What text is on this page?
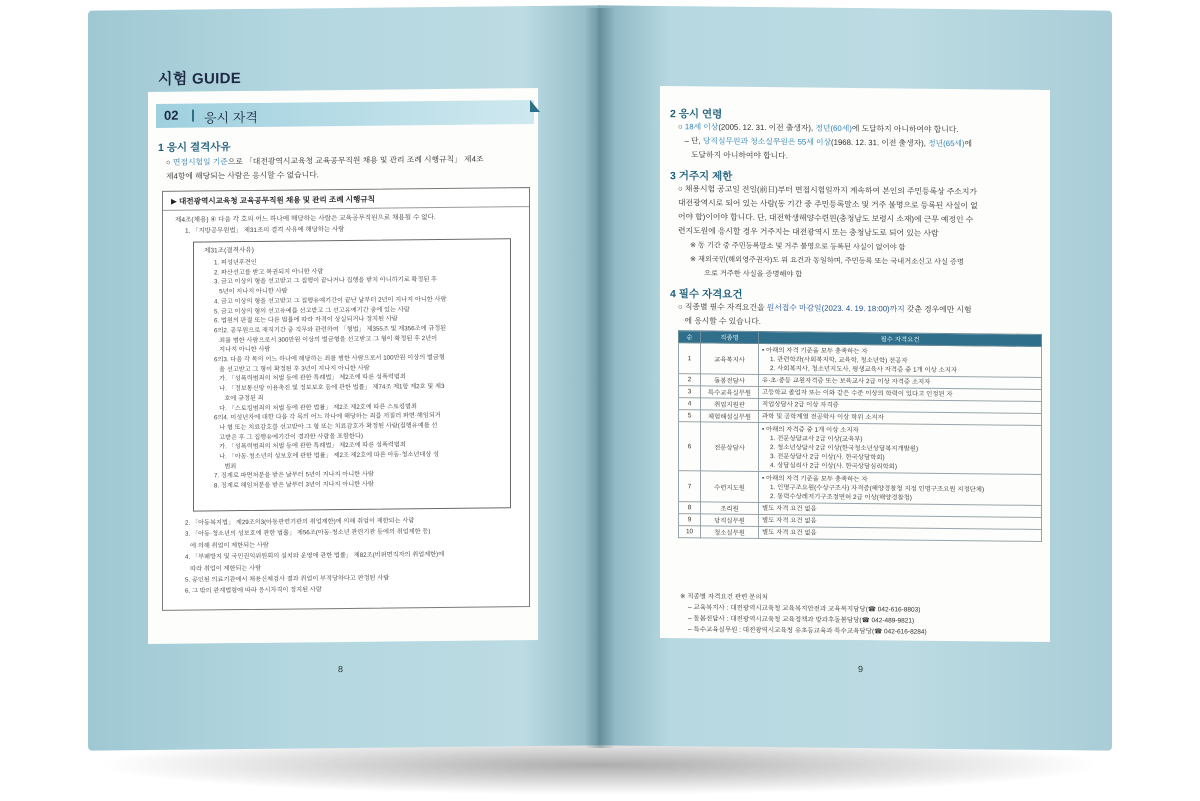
시험 GUIDE
02 응시 자격
1 응시 결격사유
○ 면접시험일 기준으로 「대전광역시교육청 교육공무직원 채용 및 관리 조례 시행규칙」 제4조
제4항에 해당되는 사람은 응시할 수 없습니다.
▶ 대전광역시교육청 교육공무직원 채용 및 관리 조례 시행규칙
제4조(채용) ④ 다음 각 호의 어느 하나에 해당하는 사람은 교육공무직원으로 채용될 수 없다.
1. 「지방공무원법」 제31조의 결격 사유에 해당하는 사람
제31조(결격사유)
1. 피성년후견인
2. 파산선고를 받고 복권되지 아니한 사람
3. 금고 이상의 형을 선고받고 그 집행이 끝나거나 집행을 받지 아니하기로 확정된 후
5년이 지나지 아니한 사람
4. 금고 이상의 형을 선고받고 그 집행유예기간이 끝난 날부터 2년이 지나지 아니한 사람
5. 금고 이상의 형의 선고유예를 선고받고 그 선고유예기간 중에 있는 사람
6. 법원의 판결 또는 다른 법률에 따라 자격이 상실되거나 정지된 사람
6의2. 공무원으로 재직기간 중 직무와 관련하여 「형법」 제355조 및 제356조에 규정된
죄를 범한 사람으로서 300만원 이상의 벌금형을 선고받고 그 형이 확정된 후 2년이
지나지 아니한 사람
6의3. 다음 각 목의 어느 하나에 해당하는 죄를 범한 사람으로서 100만원 이상의 벌금형
을 선고받고 그 형이 확정된 후 3년이 지나지 아니한 사람
가. 「성폭력범죄의 처벌 등에 관한 특례법」 제2조에 따른 성폭력범죄
나. 「정보통신망 이용촉진 및 정보보호 등에 관한 법률」 제74조 제1항 제2호 및 제3
호에 규정된 죄
다. 「스토킹범죄의 처벌 등에 관한 법률」 제2조 제2호에 따른 스토킹범죄
6의4. 미성년자에 대한 다음 각 목의 어느 하나에 해당하는 죄를 저질러 파면·해임되거
나 형 또는 치료감호를 선고받아 그 형 또는 치료감호가 확정된 사람(집행유예를 선
고받은 후 그 집행유예기간이 경과한 사람을 포함한다)
가. 「성폭력범죄의 처벌 등에 관한 특례법」 제2조에 따른 성폭력범죄
나. 「아동·청소년의 성보호에 관한 법률」 제2조 제2호에 따른 아동·청소년대상 성
범죄
7. 징계로 파면처분을 받은 날부터 5년이 지나지 아니한 사람
8. 징계로 해임처분을 받은 날부터 3년이 지나지 아니한 사람
2. 「아동복지법」 제29조의3(아동관련기관의 취업제한)에 의해 취업이 제한되는 사람
3. 「아동·청소년의 성보호에 관한 법률」 제56조(아동·청소년 관련기관 등에의 취업제한 등)
에 의해 취업이 제한되는 사람
4. 「부패방지 및 국민권익위원회의 설치와 운영에 관한 법률」 제82조(비위면직자의 취업제한)에
따라 취업이 제한되는 사람
5. 공인된 의료기관에서 채용신체검사 결과 취업이 부적당하다고 판정된 사람
6. 그 밖의 관계법령에 따라 응시자격이 정지된 사람
8
2 응시 연령
○ 18세 이상(2005. 12. 31. 이전 출생자), 정년(60세)에 도달하지 아니하여야 합니다.
– 단, 당직실무원과 청소실무원은 55세 이상(1968. 12. 31. 이전 출생자), 정년(65세)에
도달하지 아니하여야 합니다.
3 거주지 제한
○ 채용시험 공고일 전일(前日)부터 면접시험일까지 계속하여 본인의 주민등록상 주소지가
대전광역시로 되어 있는 사람(동 기간 중 주민등록말소 및 거주 불명으로 등록된 사실이 없
어야 함)이어야 합니다. 단, 대전학생해양수련원(충청남도 보령시 소재)에 근무 예정인 수
련지도원에 응시할 경우 거주지는 대전광역시 또는 충청남도로 되어 있는 사람
※ 동 기간 중 주민등록말소 및 거주 불명으로 등록된 사실이 없어야 함
※ 재외국민(해외영주권자)도 위 요건과 동일하며, 주민등록 또는 국내거소신고 사실 증명
으로 거주한 사실을 증명해야 함
4 필수 자격요건
○ 직종별 필수 자격요건을 원서접수 마감일(2023. 4. 19. 18:00)까지 갖춘 경우에만 시험
에 응시할 수 있습니다.
순	직종명	필수 자격요건
1	교육복지사	• 아래의 자격 기준을 모두 충족하는 자
1. 관련학과(사회복지학, 교육학, 청소년학) 전공자
2. 사회복지사, 청소년지도사, 평생교육사 자격증 중 1개 이상 소지자

2	돌봄전담사	유·초·중등 교원자격증 또는 보육교사 2급 이상 자격증 소지자

3	특수교육실무원	고등학교 졸업자 또는 이와 같은 수준 이상의 학력이 있다고 인정된 자

4	취업지원관	직업상담사 2급 이상 자격증

5	체험해설실무원	과학 및 공학계열 전공학사 이상 학위 소지자

6	전문상담사	• 아래의 자격증 중 1개 이상 소지자
1. 전문상담교사 2급 이상(교육부)
2. 청소년상담사 2급 이상(한국청소년상담복지개발원)
3. 전문상담사 2급 이상(사. 한국상담학회)
4. 상담심리사 2급 이상(사. 한국상담심리학회)

7	수련지도원	• 아래의 자격 기준을 모두 충족하는 자
1. 인명구조요원(수상구조사) 자격증(해양경찰청 지정 인명구조요원 지정단체)
2. 동력수상레저기구조정면허 2급 이상(해양경찰청)

8	조리원	별도 자격 요건 없음

9	당직실무원	별도 자격 요건 없음

10	청소실무원	별도 자격 요건 없음
※ 직종별 자격요건 관련 문의처
– 교육복지사 : 대전광역시교육청 교육복지안전과 교육복지담당(☎ 042-616-8803)
– 돌봄전담사 : 대전광역시교육청 교육정책과 방과후돌봄담당(☎ 042-489-9821)
– 특수교육실무원 : 대전광역시교육청 유초등교육과 특수교육담당(☎ 042-616-8284)
9
